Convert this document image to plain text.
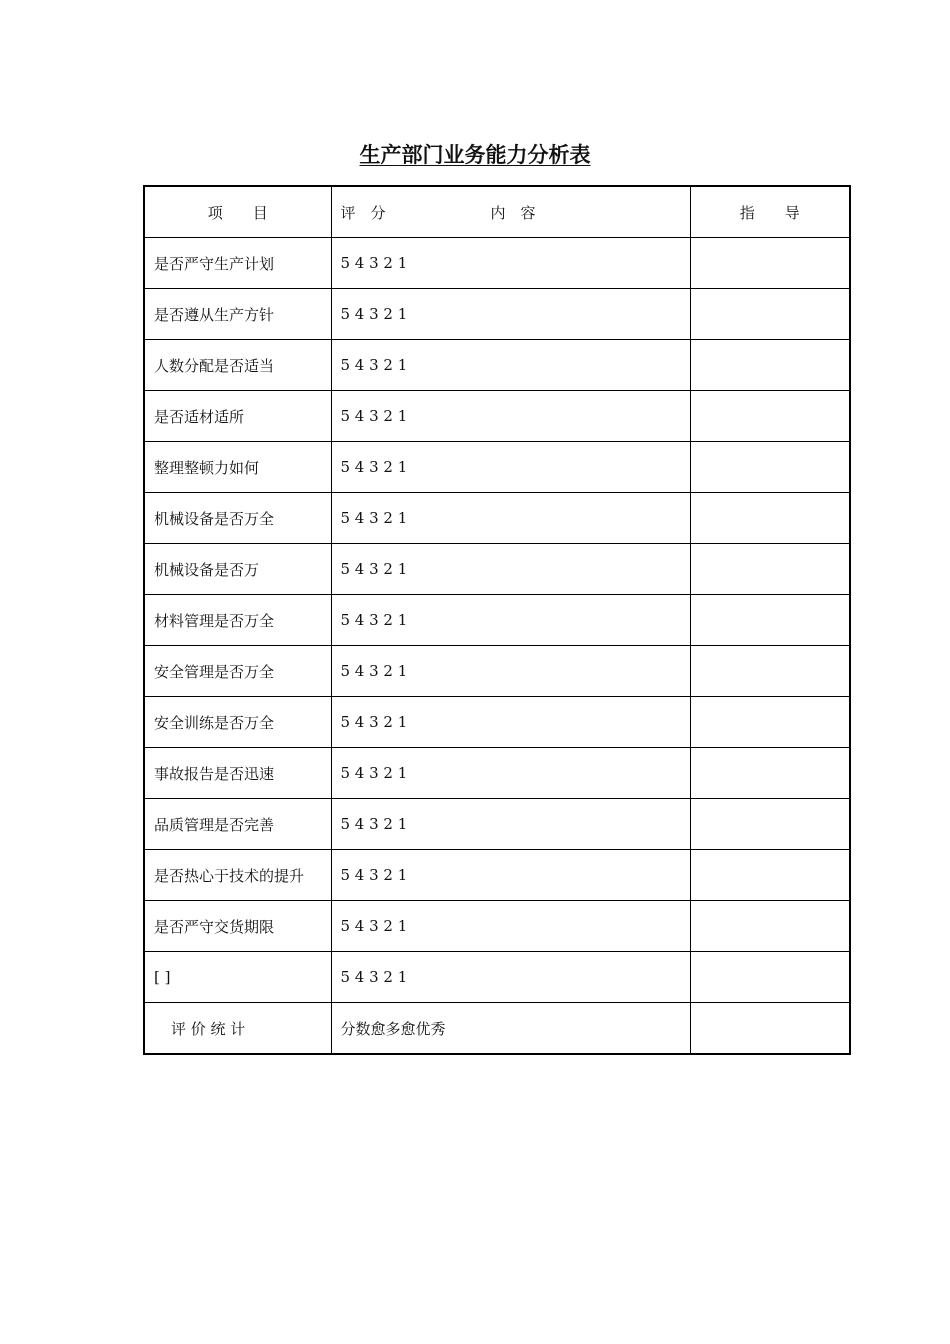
生产部门业务能力分析表
项　　目	评　分　　　　　　　内　容	指　　导
是否严守生产计划	5 4 3 2 1	
是否遵从生产方针	5 4 3 2 1	
人数分配是否适当	5 4 3 2 1	
是否适材适所	5 4 3 2 1	
整理整顿力如何	5 4 3 2 1	
机械设备是否万全	5 4 3 2 1	
机械设备是否万	5 4 3 2 1	
材料管理是否万全	5 4 3 2 1	
安全管理是否万全	5 4 3 2 1	
安全训练是否万全	5 4 3 2 1	
事故报告是否迅速	5 4 3 2 1	
品质管理是否完善	5 4 3 2 1	
是否热心于技术的提升	5 4 3 2 1	
是否严守交货期限	5 4 3 2 1	
[ ]	5 4 3 2 1	
评 价 统 计	分数愈多愈优秀	
